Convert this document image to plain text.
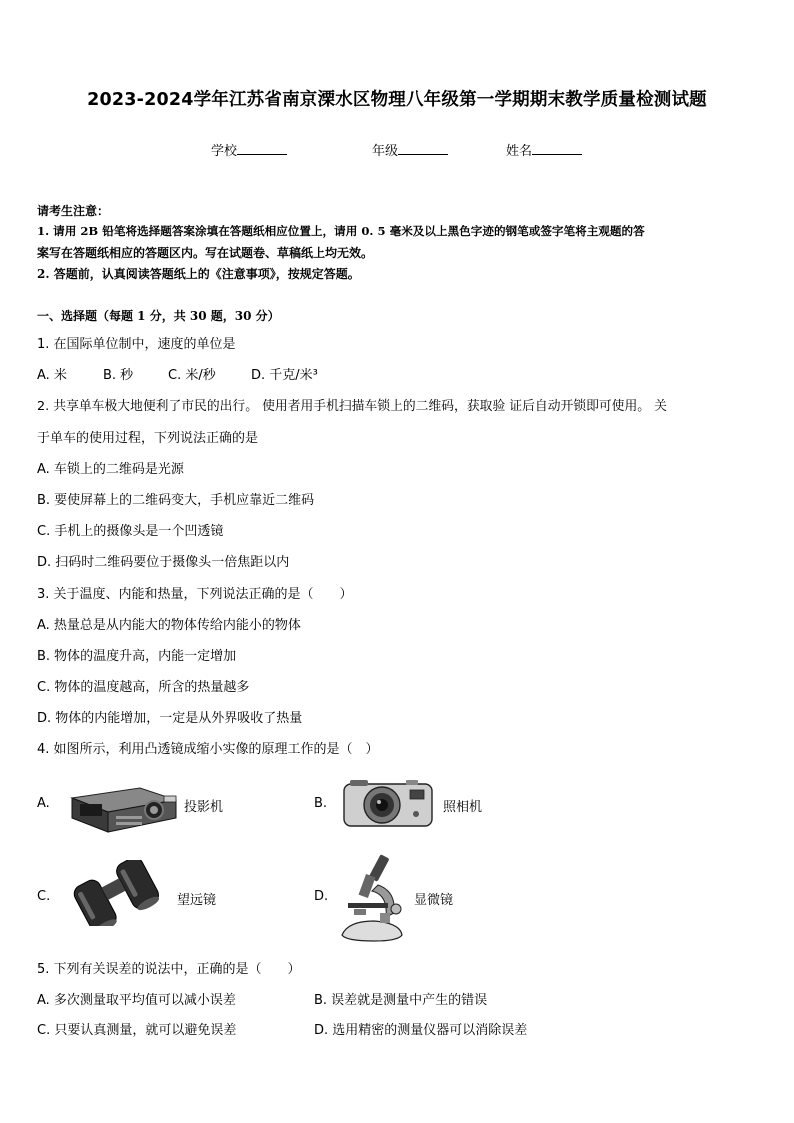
2023-2024学年江苏省南京溧水区物理八年级第一学期期末教学质量检测试题
学校	年级	姓名
请考生注意：
1. 请用 2B 铅笔将选择题答案涂填在答题纸相应位置上，请用 0. 5 毫米及以上黑色字迹的钢笔或签字笔将主观题的答
案写在答题纸相应的答题区内。写在试题卷、草稿纸上均无效。
2. 答题前，认真阅读答题纸上的《注意事项》，按规定答题。
一、选择题（每题 1 分，共 30 题，30 分）
1. 在国际单位制中，速度的单位是
A. 米	B. 秒	C. 米/秒	D. 千克/米³
2. 共享单车极大地便利了市民的出行。 使用者用手机扫描车锁上的二维码，获取验 证后自动开锁即可使用。 关
于单车的使用过程，下列说法正确的是
A. 车锁上的二维码是光源
B. 要使屏幕上的二维码变大，手机应靠近二维码
C. 手机上的摄像头是一个凹透镜
D. 扫码时二维码要位于摄像头一倍焦距以内
3. 关于温度、内能和热量，下列说法正确的是（　　）
A. 热量总是从内能大的物体传给内能小的物体
B. 物体的温度升高，内能一定增加
C. 物体的温度越高，所含的热量越多
D. 物体的内能增加，一定是从外界吸收了热量
4. 如图所示，利用凸透镜成缩小实像的原理工作的是（　）
A.	投影机	B.	照相机
C.	望远镜	D.	显微镜
5. 下列有关误差的说法中，正确的是（　　）
A. 多次测量取平均值可以减小误差	B. 误差就是测量中产生的错误
C. 只要认真测量，就可以避免误差	D. 选用精密的测量仪器可以消除误差
